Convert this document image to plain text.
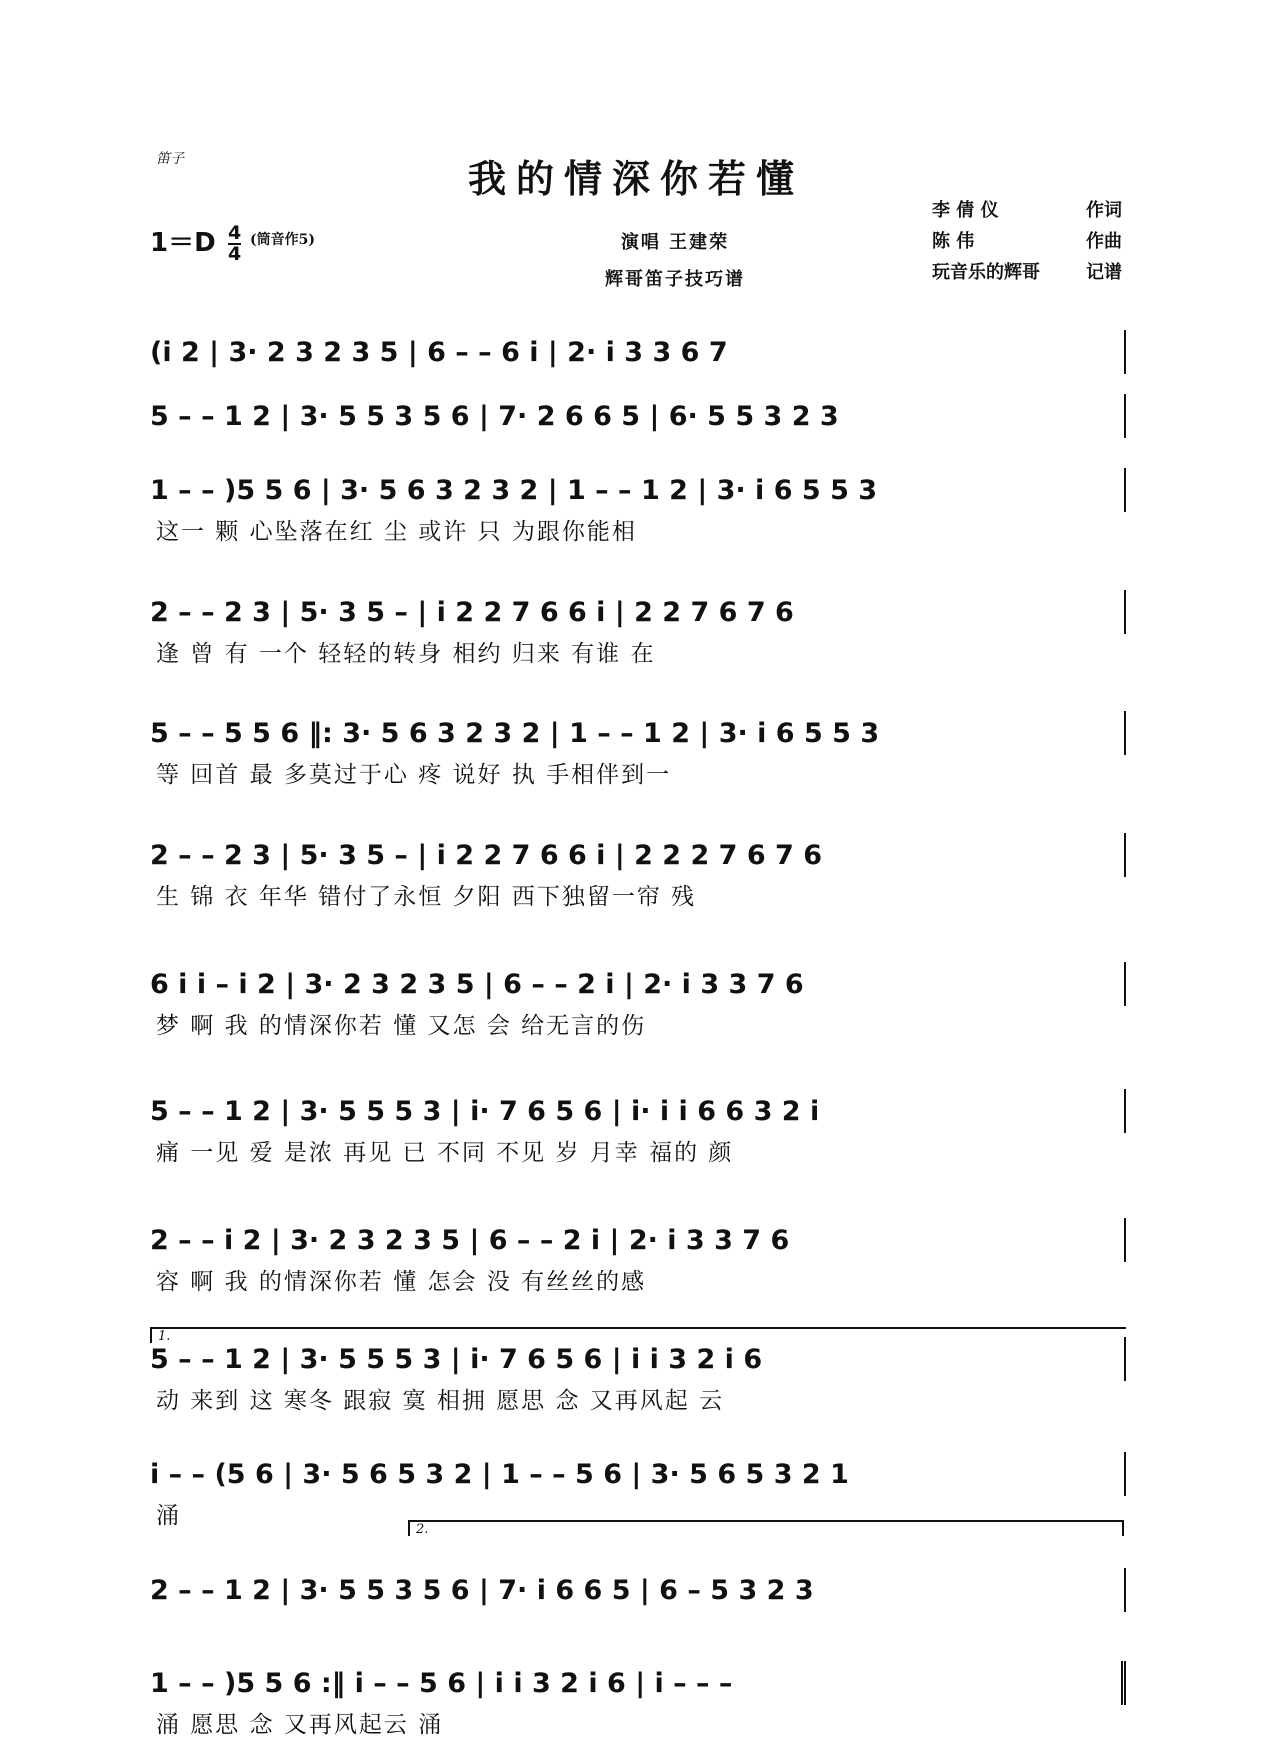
笛子	我的情深你若懂
1＝D 4
4
(筒音作5)	演唱 王建荣
辉哥笛子技巧谱
李 倩 仪	作词
陈 伟	作曲
玩音乐的辉哥	记谱
1.
2.
(i 2 | 3· 2 3 2 3 5 | 6 – – 6 i | 2· i 3 3 6 7
5 – – 1 2 | 3· 5 5 3 5 6 | 7· 2 6 6 5 | 6· 5 5 3 2 3
1 – – )5 5 6 | 3· 5 6 3 2 3 2 | 1 – – 1 2 | 3· i 6 5 5 3
这一 颗 心坠落在红 尘 或许 只 为跟你能相
2 – – 2 3 | 5· 3 5 – | i 2 2 7 6 6 i | 2 2 7 6 7 6
逢 曾 有 一个 轻轻的转身 相约 归来 有谁 在
5 – – 5 5 6 ‖: 3· 5 6 3 2 3 2 | 1 – – 1 2 | 3· i 6 5 5 3
等 回首 最 多莫过于心 疼 说好 执 手相伴到一
2 – – 2 3 | 5· 3 5 – | i 2 2 7 6 6 i | 2 2 2 7 6 7 6
生 锦 衣 年华 错付了永恒 夕阳 西下独留一帘 残
6 i i – i 2 | 3· 2 3 2 3 5 | 6 – – 2 i | 2· i 3 3 7 6
梦 啊 我 的情深你若 懂 又怎 会 给无言的伤
5 – – 1 2 | 3· 5 5 5 3 | i· 7 6 5 6 | i· i i 6 6 3 2 i
痛 一见 爱 是浓 再见 已 不同 不见 岁 月幸 福的 颜
2 – – i 2 | 3· 2 3 2 3 5 | 6 – – 2 i | 2· i 3 3 7 6
容 啊 我 的情深你若 懂 怎会 没 有丝丝的感
5 – – 1 2 | 3· 5 5 5 3 | i· 7 6 5 6 | i i 3 2 i 6
动 来到 这 寒冬 跟寂 寞 相拥 愿思 念 又再风起 云
i – – (5 6 | 3· 5 6 5 3 2 | 1 – – 5 6 | 3· 5 6 5 3 2 1
涌
2 – – 1 2 | 3· 5 5 3 5 6 | 7· i 6 6 5 | 6 – 5 3 2 3
1 – – )5 5 6 :‖ i – – 5 6 | i i 3 2 i 6 | i – – –
涌 愿思 念 又再风起云 涌
